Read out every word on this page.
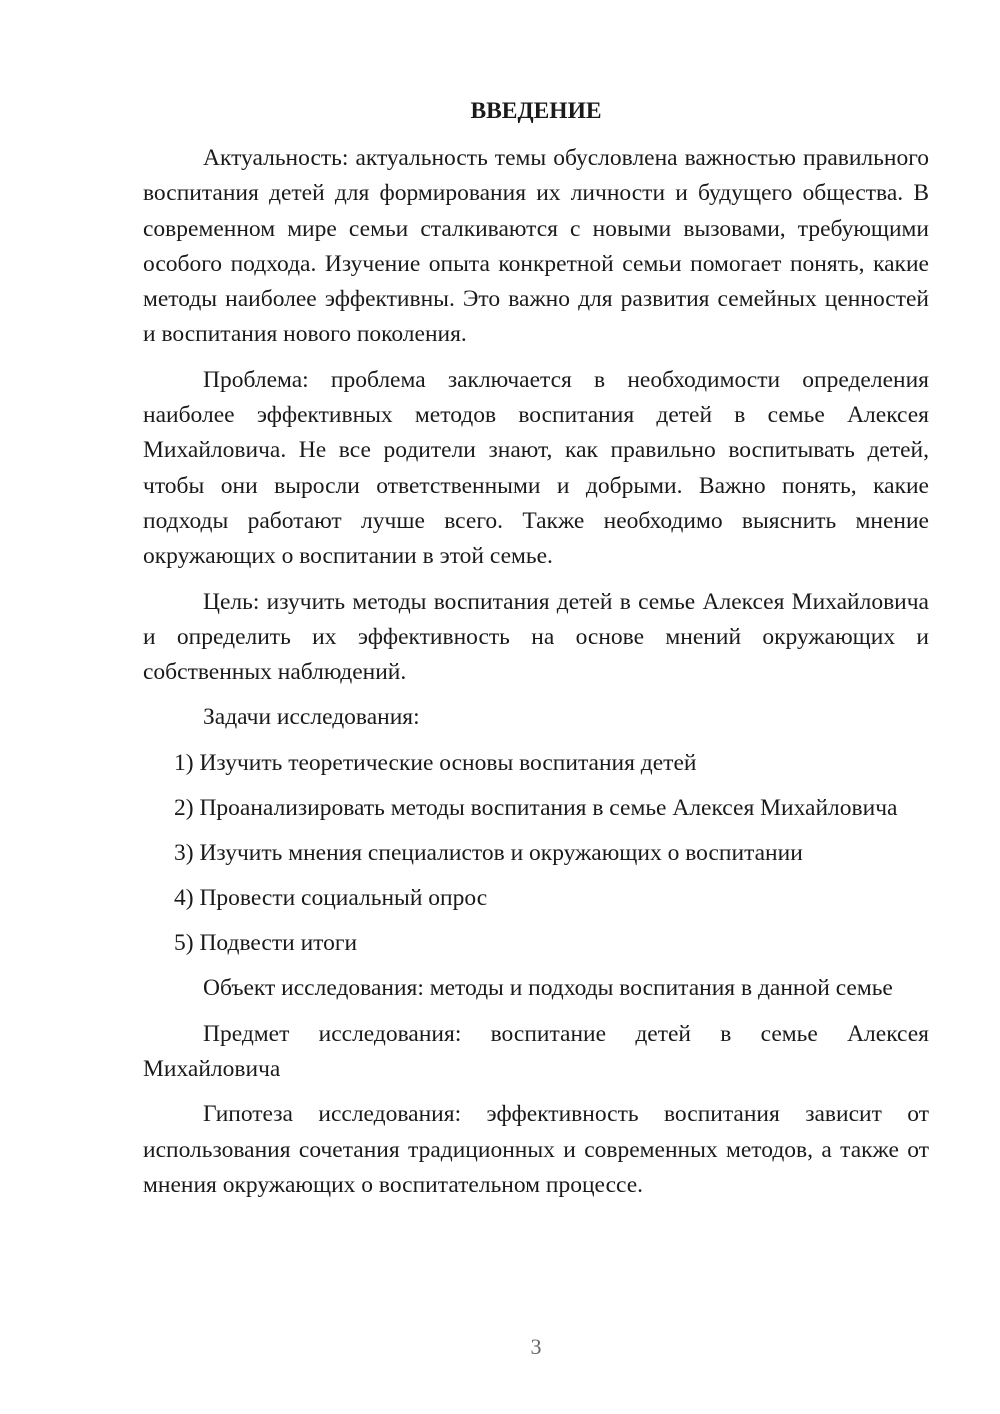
ВВЕДЕНИЕ

Актуальность: актуальность темы обусловлена важностью правильного воспитания детей для формирования их личности и будущего общества. В современном мире семьи сталкиваются с новыми вызовами, требующими особого подхода. Изучение опыта конкретной семьи помогает понять, какие методы наиболее эффективны. Это важно для развития семейных ценностей и воспитания нового поколения.

Проблема: проблема заключается в необходимости определения наиболее эффективных методов воспитания детей в семье Алексея Михайловича. Не все родители знают, как правильно воспитывать детей, чтобы они выросли ответственными и добрыми. Важно понять, какие подходы работают лучше всего. Также необходимо выяснить мнение окружающих о воспитании в этой семье.

Цель: изучить методы воспитания детей в семье Алексея Михайловича и определить их эффективность на основе мнений окружающих и собственных наблюдений.

Задачи исследования:

1) Изучить теоретические основы воспитания детей

2) Проанализировать методы воспитания в семье Алексея Михайловича

3) Изучить мнения специалистов и окружающих о воспитании

4) Провести социальный опрос

5) Подвести итоги

Объект исследования: методы и подходы воспитания в данной семье

Предмет исследования: воспитание детей в семье Алексея Михайловича

Гипотеза исследования: эффективность воспитания зависит от использования сочетания традиционных и современных методов, а также от мнения окружающих о воспитательном процессе.

3
